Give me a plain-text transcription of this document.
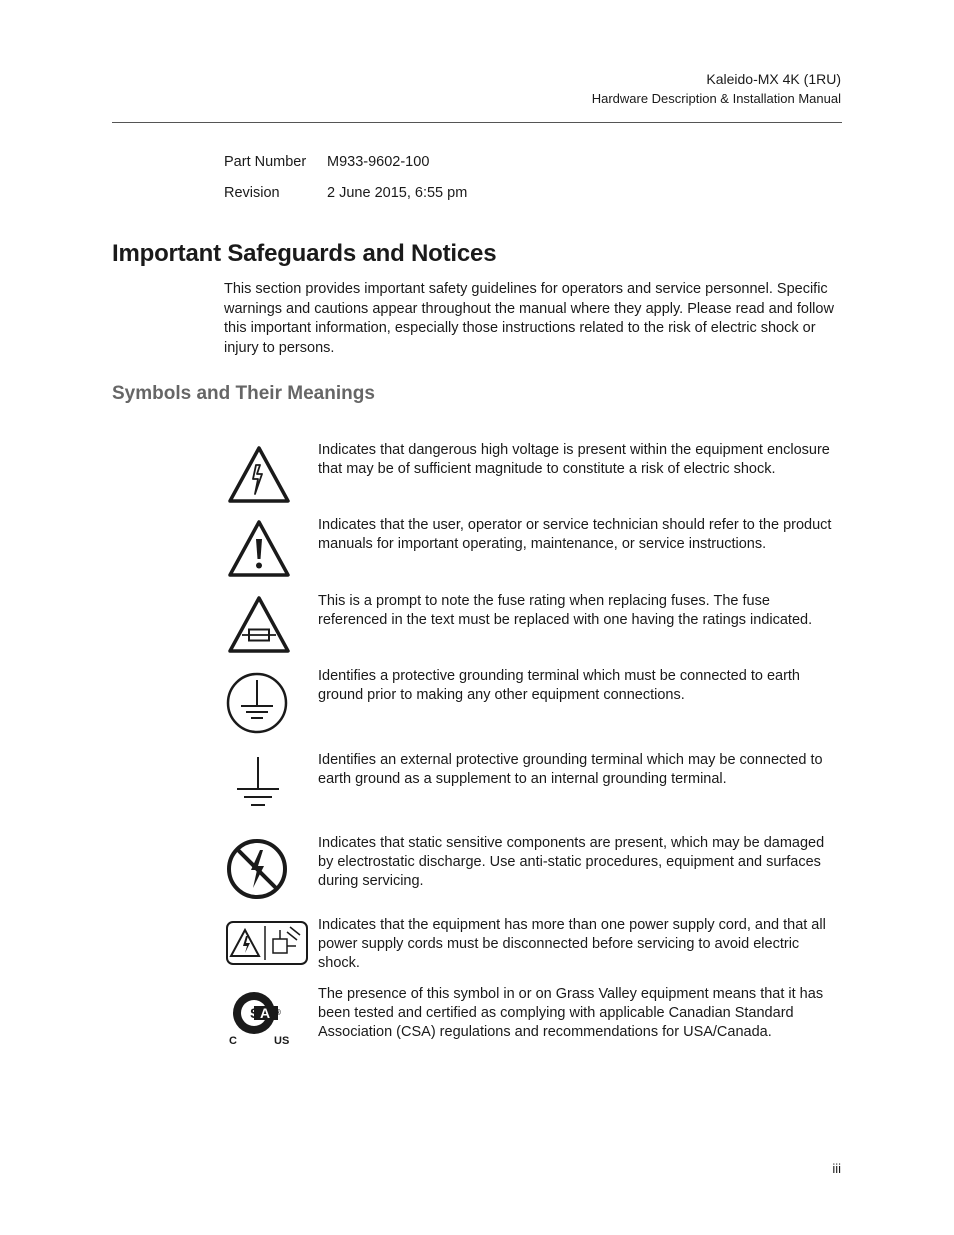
Kaleido-MX 4K (1RU)
Hardware Description & Installation Manual
Part Number	M933-9602-100
Revision	2 June 2015, 6:55 pm
Important Safeguards and Notices

This section provides important safety guidelines for operators and service personnel. Specific warnings and cautions appear throughout the manual where they apply. Please read and follow this important information, especially those instructions related to the risk of electric shock or injury to persons.

Symbols and Their Meanings

Indicates that dangerous high voltage is present within the equipment enclosure that may be of sufficient magnitude to constitute a risk of electric shock.

Indicates that the user, operator or service technician should refer to the product manuals for important operating, maintenance, or service instructions.

This is a prompt to note the fuse rating when replacing fuses. The fuse referenced in the text must be replaced with one having the ratings indicated.

Identifies a protective grounding terminal which must be connected to earth ground prior to making any other equipment connections.

Identifies an external protective grounding terminal which may be connected to earth ground as a supplement to an internal grounding terminal.

Indicates that static sensitive components are present, which may be damaged by electrostatic discharge. Use anti-static procedures, equipment and surfaces during servicing.

Indicates that the equipment has more than one power supply cord, and that all power supply cords must be disconnected before servicing to avoid electric shock.

S A ®
C	US

The presence of this symbol in or on Grass Valley equipment means that it has been tested and certified as complying with applicable Canadian Standard Association (CSA) regulations and recommendations for USA/Canada.

iii
